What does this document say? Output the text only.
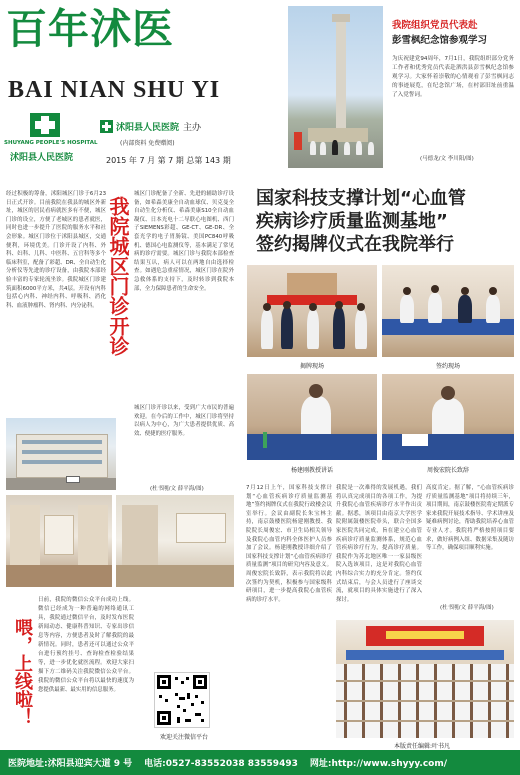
百年沭医
BAI NIAN SHU YI
SHUYANG PEOPLE'S HOSPITAL
沭阳县人民医院
沭阳县人民医院 主办
(内部资料 免费赠阅)
2015 年 7 月 第 7 期 总第 143 期
我院组织党员代表赴
彭雪枫纪念馆参观学习
为庆祝建党94周年，7月1日，我院组织部分党务工作者和优秀党员代表赴泗洪县彭雪枫纪念馆参观学习。大家怀着崇敬的心情观看了彭雪枫同志的事迹展览，在纪念馆广场，在村部旧址前重温了入党誓词。
(马德龙/文 李川阳/图)
经过积极的筹备，沭阳城区门诊于6月23日正式开诊。目前我院在我县的城区外新址，城区的居民看病就医多有不便，城区门诊的设立，方便了老城区的患者就医，同时也进一步提升了医院的服务水平和社会形象。城区门诊位于沭阳县城区，交通便利，环境优美。门诊开设了内科、外科、妇科、儿科、中医科、五官科等多个临床科室，配备了彩超、DR、全自动生化分析仪等先进的诊疗设备，由我院本部经验丰富的专家轮流坐诊。我院城区门诊建筑面积6000平方米，共4层。开设有内科包括心内科、神经内科、呼吸科、消化科、血液肿瘤科、肾内科、内分泌科。 我院城区门诊开诊
城区门诊配备了全新、先进的辅助诊疗设备，如希森美康全自动血球仪、贝克曼全自动生化分析仪、希森美康S10全自动血凝仪、日本光电十二导联心电图机、西门子SIEMENS彩超、GE-CT、GE-DR、全套光学的电子胃肠镜、美国PC840呼吸机、德国心电监测仪等，基本满足了常见病的诊疗需要。城区门诊与我院本部检查结果互认，病人可以在两地自由选择检查。如遇危急重症情况，城区门诊在院外急救体系的支持下，及时转诊到我院本部，全力保障患者的生命安全。
城区门诊开诊以来，受到广大市民的普遍欢迎。在今后的工作中，城区门诊将坚持以病人为中心，为广大患者提供优质、高效、便捷的医疗服务。
(杜书刚/文 薛平海/图)
喂，上线啦！
日前，我院的微信公众平台成功上线。微信已经成为一种普遍的网络通讯工具，我院通过微信平台，及时发布医院新闻动态、健康科普知识、专家出诊信息等内容，方便患者及时了解我院的最新情况。同时，患者还可以通过公众平台进行预约挂号、查询检查检验结果等，进一步优化就医流程。欢迎大家扫描下方二维码关注我院微信公众平台。我院的微信公众平台将以最快的速度为您提供最新、最实用的信息服务。
欢迎关注微信平台
国家科技支撑计划“心血管
疾病诊疗质量监测基地”
签约揭牌仪式在我院举行
揭牌现场	签约现场
杨建刚教授讲话	周俊宏院长致辞
7月12日上午，国家科技支撑计划“心血管疾病诊疗质量监测基地”签约揭牌仪式在我院行政楼会议室举行。会议由副院长朱宝林主持，南京鼓楼医院杨建刚教授、我院院长周俊宏、市卫生局相关领导及我院心血管内科全体医护人员参加了会议。杨建刚教授详细介绍了国家科技支撑计划“心血管疾病诊疗质量监测”项目的研究内容及意义。周俊宏院长致辞，表示我院将以此次签约为契机，积极参与国家级科研项目，进一步提高我院心血管疾病的诊疗水平。
我院是一次难得的发展机遇，我们将认真完成项目的各项工作，为提升我院心血管疾病诊疗水平作出贡献。据悉，该项目由南京大学医学院附属鼓楼医院牵头，联合全国多家医院共同完成，旨在建立心血管疾病诊疗质量监测体系，规范心血管疾病诊疗行为，提高诊疗质量。我院作为苏北地区唯一一家县级医院入选该项目，这是对我院心血管内科综合实力的充分肯定。签约仪式结束后，与会人员进行了座谈交流，就项目的具体实施进行了深入探讨。
高度肯定。据了解，“心血管疾病诊疗质量监测基地”项目将持续三年，项目期间，南京鼓楼医院将定期派专家来我院开展技术指导、学术讲座及疑难病例讨论，帮助我院培养心血管专业人才。我院将严格按照项目要求，做好病例入组、数据采集及随访等工作，确保项目顺利实施。
(杜书刚/文 薛平海/图)
本版责任编辑:叶书凡
医院地址:沭阳县迎宾大道 9 号 电话:0527-83552038 83559493 网址:http://www.shyyy.com/
